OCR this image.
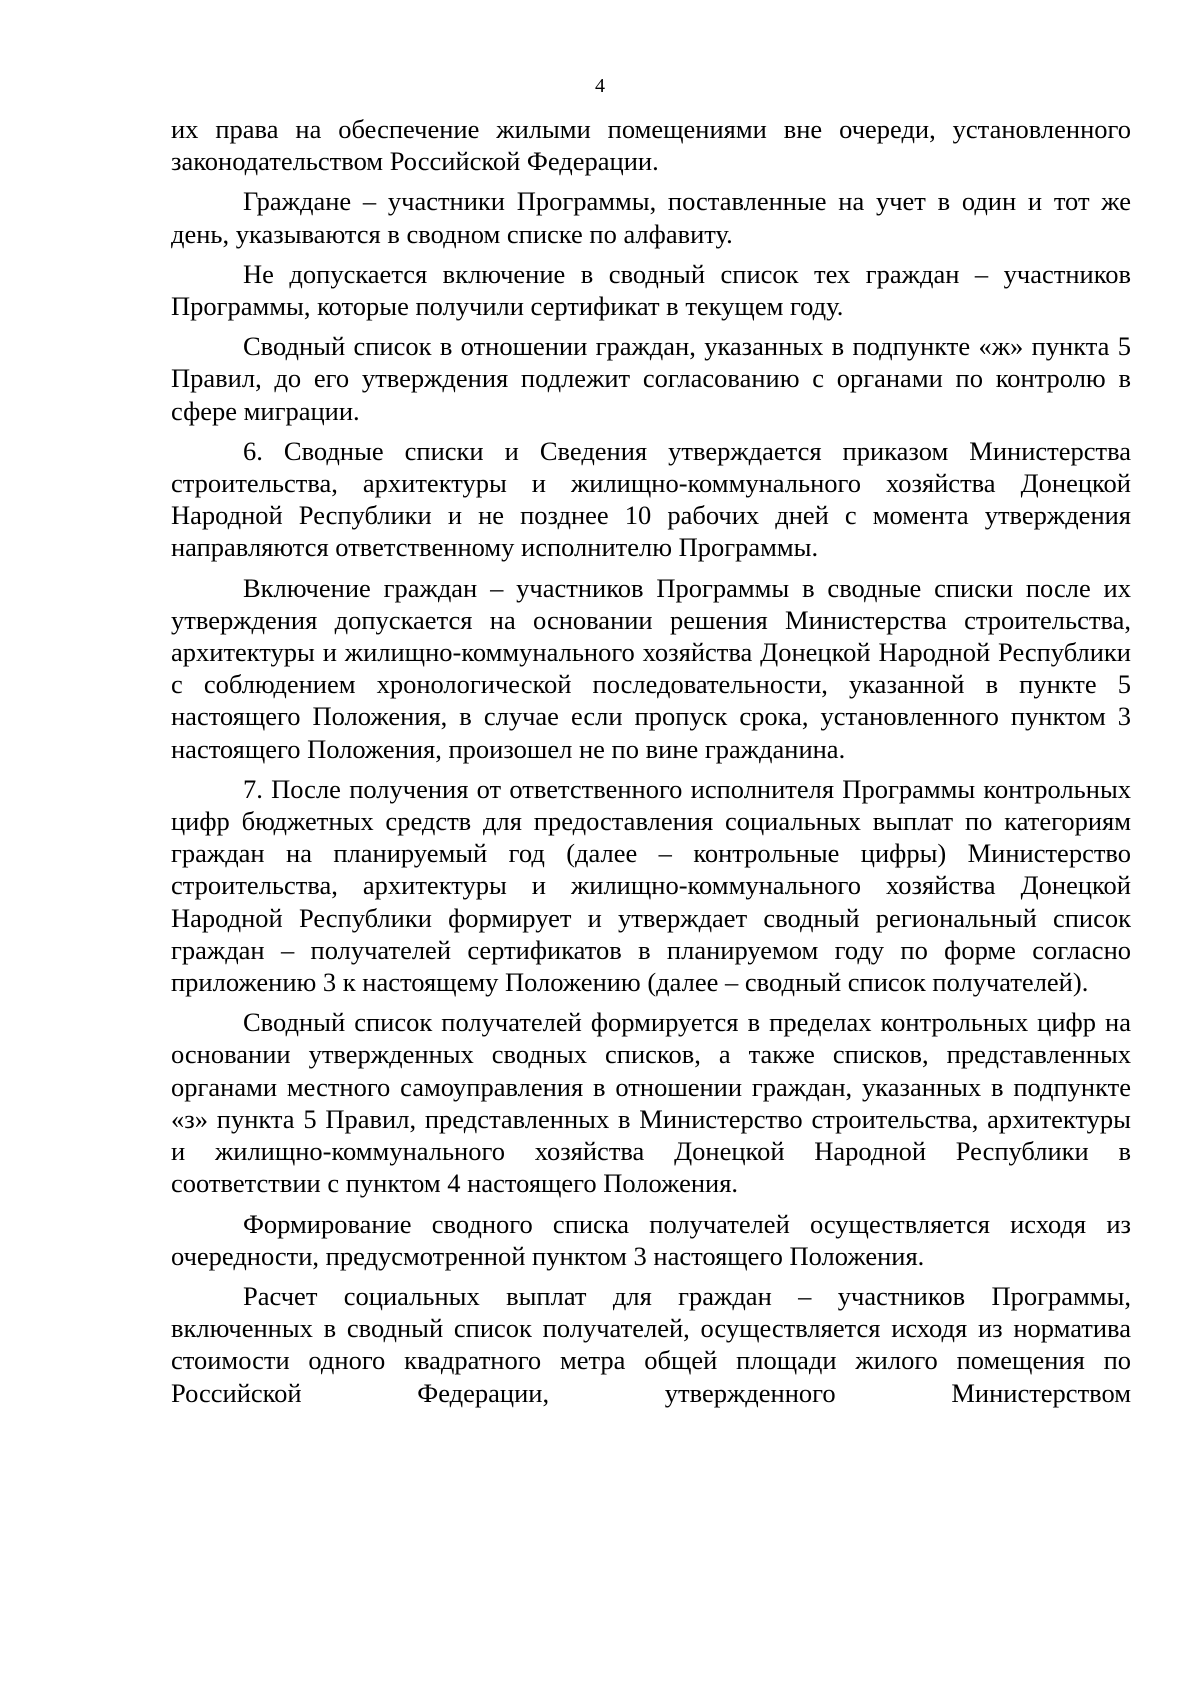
4

их права на обеспечение жилыми помещениями вне очереди, установленного законодательством Российской Федерации.

Граждане – участники Программы, поставленные на учет в один и тот же день, указываются в сводном списке по алфавиту.

Не допускается включение в сводный список тех граждан – участников Программы, которые получили сертификат в текущем году.

Сводный список в отношении граждан, указанных в подпункте «ж» пункта 5 Правил, до его утверждения подлежит согласованию с органами по контролю в сфере миграции.

6. Сводные списки и Сведения утверждается приказом Министерства строительства, архитектуры и жилищно-коммунального хозяйства Донецкой Народной Республики и не позднее 10 рабочих дней с момента утверждения направляются ответственному исполнителю Программы.

Включение граждан – участников Программы в сводные списки после их утверждения допускается на основании решения Министерства строительства, архитектуры и жилищно-коммунального хозяйства Донецкой Народной Республики с соблюдением хронологической последовательности, указанной в пункте 5 настоящего Положения, в случае если пропуск срока, установленного пунктом 3 настоящего Положения, произошел не по вине гражданина.

7. После получения от ответственного исполнителя Программы контрольных цифр бюджетных средств для предоставления социальных выплат по категориям граждан на планируемый год (далее – контрольные цифры) Министерство строительства, архитектуры и жилищно-коммунального хозяйства Донецкой Народной Республики формирует и утверждает сводный региональный список граждан – получателей сертификатов в планируемом году по форме согласно приложению 3 к настоящему Положению (далее – сводный список получателей).

Сводный список получателей формируется в пределах контрольных цифр на основании утвержденных сводных списков, а также списков, представленных органами местного самоуправления в отношении граждан, указанных в подпункте «з» пункта 5 Правил, представленных в Министерство строительства, архитектуры и жилищно-коммунального хозяйства Донецкой Народной Республики в соответствии с пунктом 4 настоящего Положения.

Формирование сводного списка получателей осуществляется исходя из очередности, предусмотренной пунктом 3 настоящего Положения.

Расчет социальных выплат для граждан – участников Программы, включенных в сводный список получателей, осуществляется исходя из норматива стоимости одного квадратного метра общей площади жилого помещения по Российской Федерации, утвержденного Министерством
